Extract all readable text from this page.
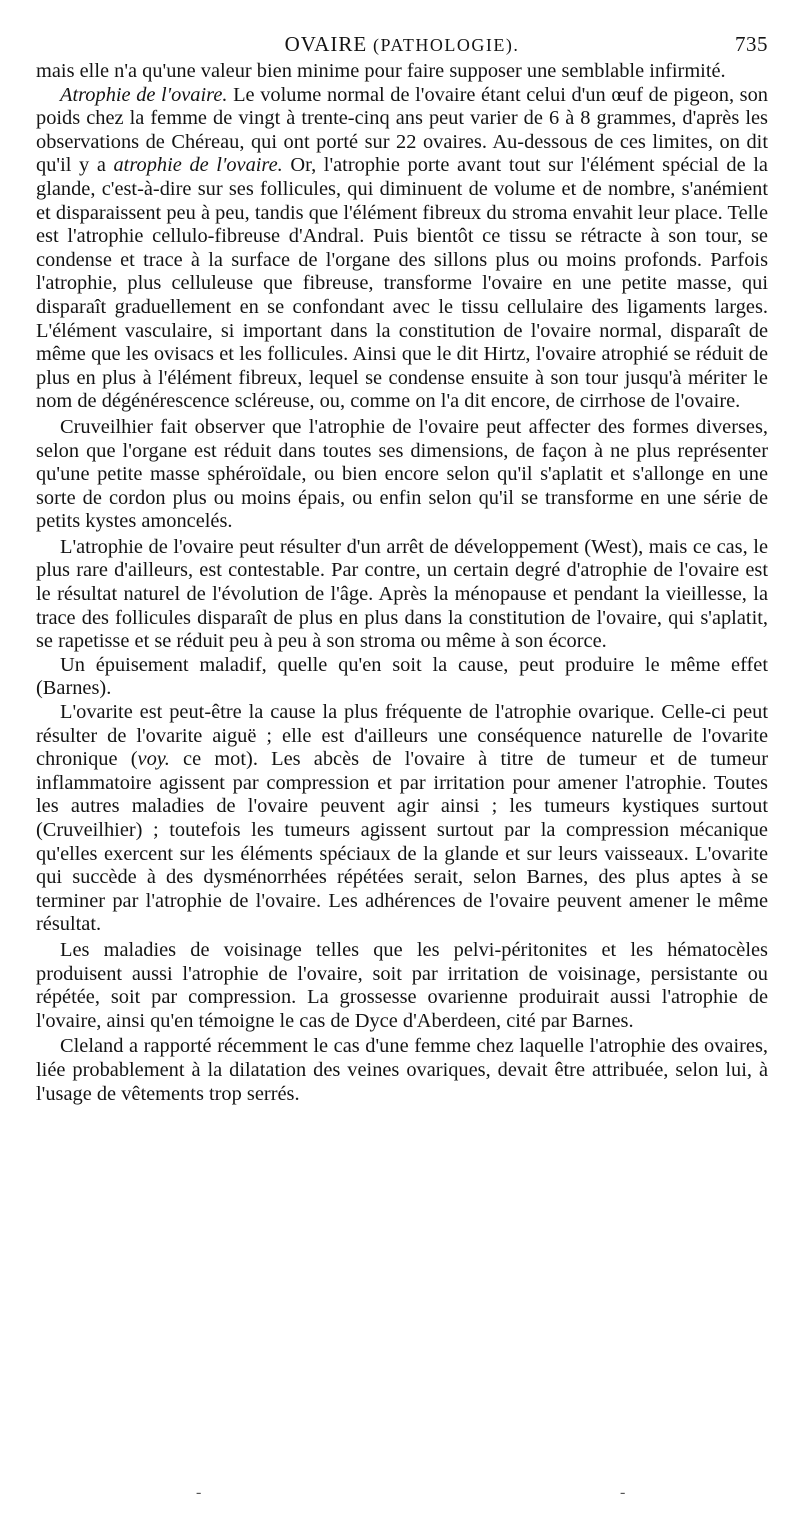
OVAIRE (PATHOLOGIE).	735

mais elle n'a qu'une valeur bien minime pour faire supposer une semblable infirmité.

Atrophie de l'ovaire. Le volume normal de l'ovaire étant celui d'un œuf de pigeon, son poids chez la femme de vingt à trente-cinq ans peut varier de 6 à 8 grammes, d'après les observations de Chéreau, qui ont porté sur 22 ovaires. Au-dessous de ces limites, on dit qu'il y a atrophie de l'ovaire. Or, l'atrophie porte avant tout sur l'élément spécial de la glande, c'est-à-dire sur ses follicules, qui diminuent de volume et de nombre, s'anémient et disparaissent peu à peu, tandis que l'élément fibreux du stroma envahit leur place. Telle est l'atrophie cellulo-fibreuse d'Andral. Puis bientôt ce tissu se rétracte à son tour, se condense et trace à la surface de l'organe des sillons plus ou moins profonds. Parfois l'atrophie, plus celluleuse que fibreuse, transforme l'ovaire en une petite masse, qui disparaît graduellement en se confondant avec le tissu cellulaire des ligaments larges. L'élément vasculaire, si important dans la constitution de l'ovaire normal, disparaît de même que les ovisacs et les follicules. Ainsi que le dit Hirtz, l'ovaire atrophié se réduit de plus en plus à l'élément fibreux, lequel se condense ensuite à son tour jusqu'à mériter le nom de dégénérescence scléreuse, ou, comme on l'a dit encore, de cirrhose de l'ovaire.

Cruveilhier fait observer que l'atrophie de l'ovaire peut affecter des formes diverses, selon que l'organe est réduit dans toutes ses dimensions, de façon à ne plus représenter qu'une petite masse sphéroïdale, ou bien encore selon qu'il s'aplatit et s'allonge en une sorte de cordon plus ou moins épais, ou enfin selon qu'il se transforme en une série de petits kystes amoncelés.

L'atrophie de l'ovaire peut résulter d'un arrêt de développement (West), mais ce cas, le plus rare d'ailleurs, est contestable. Par contre, un certain degré d'atrophie de l'ovaire est le résultat naturel de l'évolution de l'âge. Après la ménopause et pendant la vieillesse, la trace des follicules disparaît de plus en plus dans la constitution de l'ovaire, qui s'aplatit, se rapetisse et se réduit peu à peu à son stroma ou même à son écorce.

Un épuisement maladif, quelle qu'en soit la cause, peut produire le même effet (Barnes).

L'ovarite est peut-être la cause la plus fréquente de l'atrophie ovarique. Celle-ci peut résulter de l'ovarite aiguë ; elle est d'ailleurs une conséquence naturelle de l'ovarite chronique (voy. ce mot). Les abcès de l'ovaire à titre de tumeur et de tumeur inflammatoire agissent par compression et par irritation pour amener l'atrophie. Toutes les autres maladies de l'ovaire peuvent agir ainsi ; les tumeurs kystiques surtout (Cruveilhier) ; toutefois les tumeurs agissent surtout par la compression mécanique qu'elles exercent sur les éléments spéciaux de la glande et sur leurs vaisseaux. L'ovarite qui succède à des dysménorrhées répétées serait, selon Barnes, des plus aptes à se terminer par l'atrophie de l'ovaire. Les adhérences de l'ovaire peuvent amener le même résultat.

Les maladies de voisinage telles que les pelvi-péritonites et les hématocèles produisent aussi l'atrophie de l'ovaire, soit par irritation de voisinage, persistante ou répétée, soit par compression. La grossesse ovarienne produirait aussi l'atrophie de l'ovaire, ainsi qu'en témoigne le cas de Dyce d'Aberdeen, cité par Barnes.

Cleland a rapporté récemment le cas d'une femme chez laquelle l'atrophie des ovaires, liée probablement à la dilatation des veines ovariques, devait être attribuée, selon lui, à l'usage de vêtements trop serrés.

-	-
